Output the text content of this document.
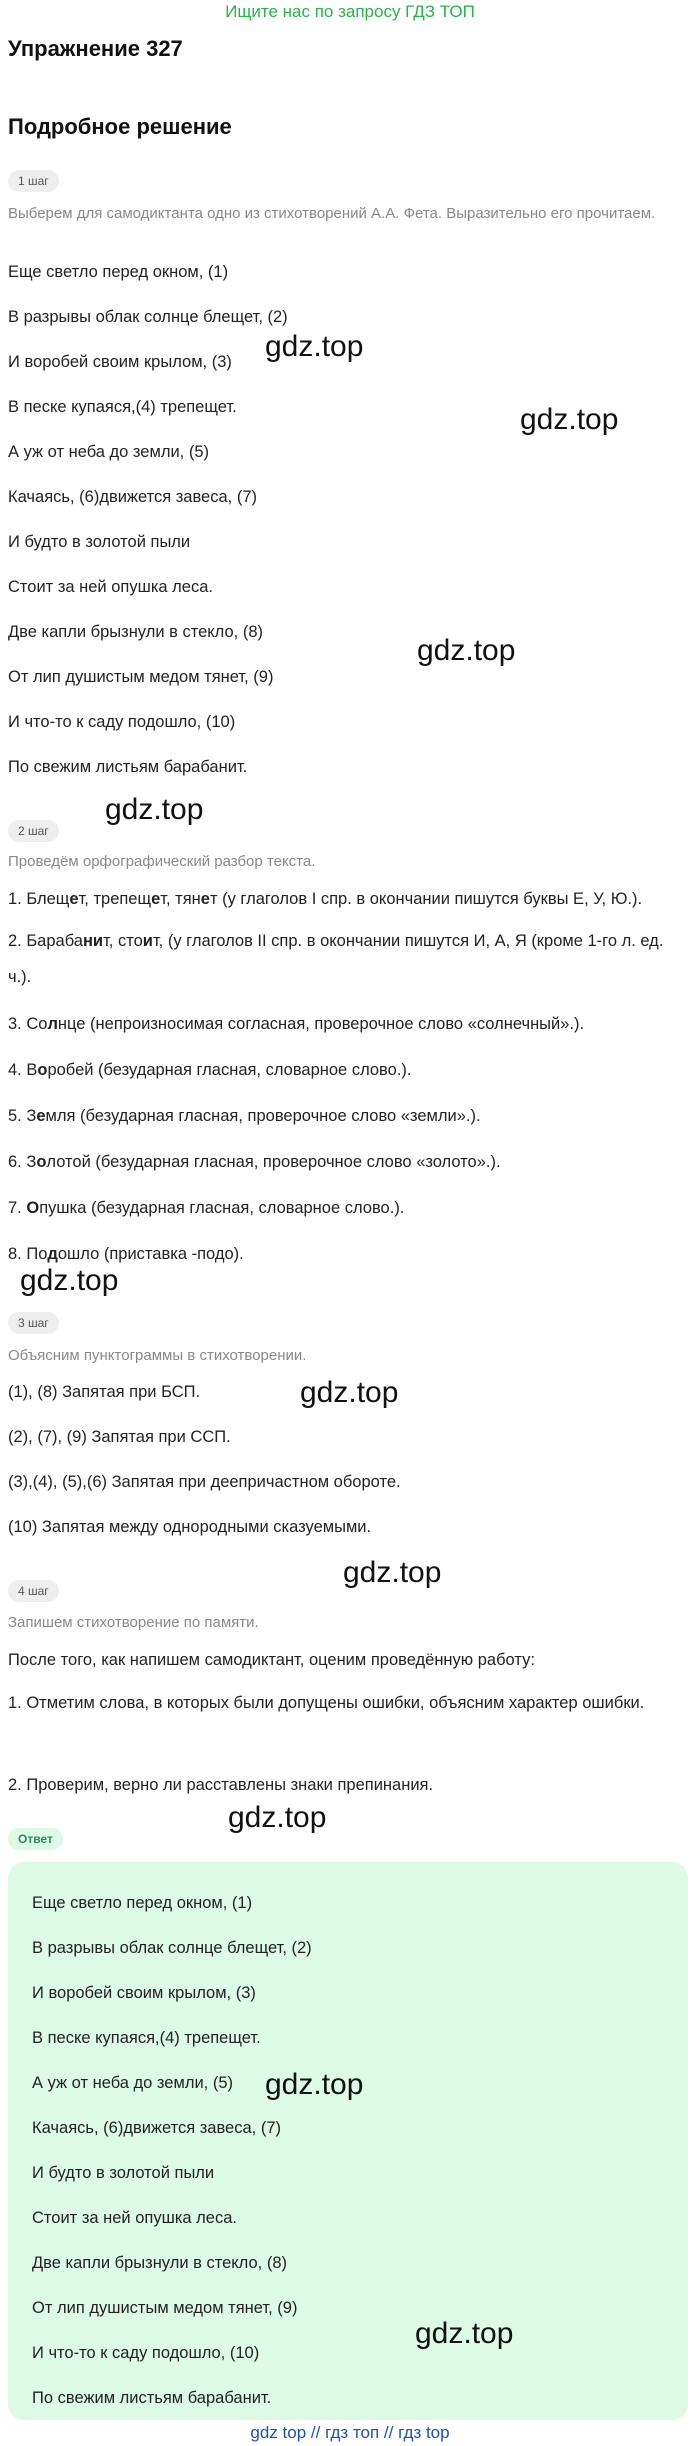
Ищите нас по запросу ГДЗ ТОП
Упражнение 327
Подробное решение
1 шаг
Выберем для самодиктанта одно из стихотворений А.А. Фета. Выразительно его прочитаем.
Еще светло перед окном, (1)
В разрывы облак солнце блещет, (2)
И воробей своим крылом, (3)
В песке купаяся,(4) трепещет.
А уж от неба до земли, (5)
Качаясь, (6)движется завеса, (7)
И будто в золотой пыли
Стоит за ней опушка леса.
Две капли брызнули в стекло, (8)
От лип душистым медом тянет, (9)
И что-то к саду подошло, (10)
По свежим листьям барабанит.
2 шаг
Проведём орфографический разбор текста.
1. Блещет, трепещет, тянет (у глаголов I спр. в окончании пишутся буквы Е, У, Ю.).
2. Барабанит, стоит, (у глаголов II спр. в окончании пишутся И, А, Я (кроме 1-го л. ед. ч.).
3. Солнце (непроизносимая согласная, проверочное слово «солнечный».).
4. Воробей (безударная гласная, словарное слово.).
5. Земля (безударная гласная, проверочное слово «земли».).
6. Золотой (безударная гласная, проверочное слово «золото».).
7. Опушка (безударная гласная, словарное слово.).
8. Подошло (приставка -подо).
3 шаг
Объясним пунктограммы в стихотворении.
(1), (8) Запятая при БСП.
(2), (7), (9) Запятая при ССП.
(3),(4), (5),(6) Запятая при деепричастном обороте.
(10) Запятая между однородными сказуемыми.
4 шаг
Запишем стихотворение по памяти.
После того, как напишем самодиктант, оценим проведённую работу:
1. Отметим слова, в которых были допущены ошибки, объясним характер ошибки.
2. Проверим, верно ли расставлены знаки препинания.
Ответ
Еще светло перед окном, (1)
В разрывы облак солнце блещет, (2)
И воробей своим крылом, (3)
В песке купаяся,(4) трепещет.
А уж от неба до земли, (5)
Качаясь, (6)движется завеса, (7)
И будто в золотой пыли
Стоит за ней опушка леса.
Две капли брызнули в стекло, (8)
От лип душистым медом тянет, (9)
И что-то к саду подошло, (10)
По свежим листьям барабанит.
gdz.top
gdz.top
gdz.top
gdz.top
gdz.top
gdz.top
gdz.top
gdz.top
gdz.top
gdz.top
gdz top // гдз топ // гдз top
